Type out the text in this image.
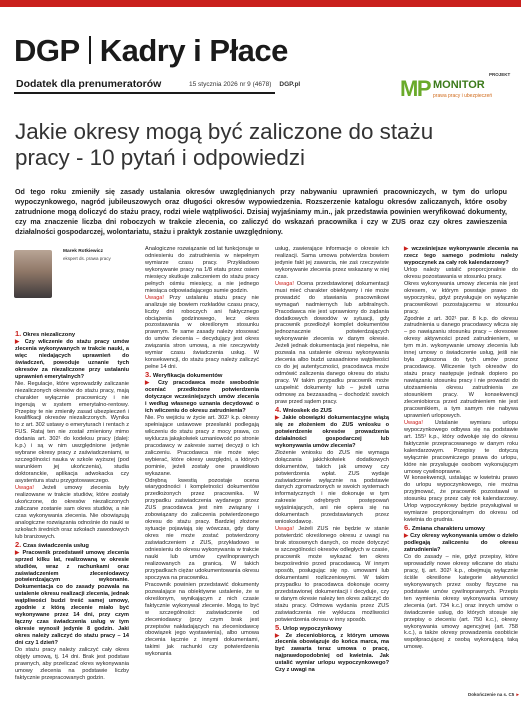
DGP Kadry i Płace
Dodatek dla prenumeratorów	15 stycznia 2026 nr 9 (4678) DGP.pl
PROJEKT
MP MONITOR
prawa pracy i ubezpieczeń
Jakie okresy mogą być zaliczone do stażu pracy - 10 pytań i odpowiedzi

Od tego roku zmieniły się zasady ustalania okresów uwzględnianych przy nabywaniu uprawnień pracowniczych, w tym do urlopu wypoczynkowego, nagród jubileuszowych oraz długości okresów wypowiedzenia. Rozszerzenie katalogu okresów zaliczanych, które osoby zatrudnione mogą doliczyć do stażu pracy, rodzi wiele wątpliwości. Dzisiaj wyjaśniamy m.in., jak przedstawia powinien weryfikować dokumenty, czy ma znaczenie liczba dni roboczych w trakcie zlecenia, co zaliczyć do wskazań pracownika i czy w ZUS oraz czy okres zawieszenia działalności gospodarczej, wolontariatu, stażu i praktyk zostanie uwzględniony.

Marek Rotkiewicz
ekspert ds. prawa pracy
1. Okres niezaliczony

▶ Czy wliczenie do stażu pracy umów zlecenia wykonywanych w trakcie nauki, a więc niedających uprawnień do świadczeń, powoduje uznanie tych okresów za niezaliczone przy ustalaniu uprawnień emerytalnych?

Nie. Regulacje, które wprowadziły zaliczanie niezaliczonych okresów do stażu pracy, mają charakter wyłącznie pracowniczy i nie ingerują w system emerytalno-rentowy. Przepisy te nie zmieniły zasad ubezpieczeń i kwalifikacji okresów niezaliczonych. Wynika to z art. 302 ustawy o emeryturach i rentach z FUS. Rataj ten nie został zmieniony mimo dodania art. 302¹ do kodeksu pracy (dalej: k.p.) i są w nim uwzględnione jedynie wybrane okresy pracy z zaświadczeniami, w szczególności nauka w szkole wyższej (pod warunkiem jej ukończenia), studia doktoranckie, aplikacja adwokacka czy asystentura stażu przygotowawczego.

Uwaga! Jeżeli umowy zlecenia były realizowane w trakcie studiów, które zostały ukończone, do okresów niezaliczonych zaliczane zostanie sam okres studiów, a nie czas wykonywania zlecenia. Nie obowiązują analogiczne rozwiązania odnośnie do nauki w szkołach średnich oraz szkołach zawodowych lub branżowych.

2. Czas świadczenia usług

▶ Pracownik przedstawił umowę zlecenia sprzed kilku lat, realizowaną w okresie studiów, wraz z rachunkami oraz zaświadczeniem zleceniodawcy potwierdzającym wykonanie. Dokumentacja co do zasady pozwala na ustalenie okresu realizacji zlecenia, jednak wątpliwości budzi treść samej umowy, zgodnie z którą zlecenie miało być wykonywane przez 14 dni, przy czym łączny czas świadczenia usług w tym okresie wynosił jedynie 8 godzin. Jaki okres należy zaliczyć do stażu pracy – 14 dni czy 1 dzień?

Do stażu pracy należy zaliczyć cały okres objęty umową, tj. 14 dni. Brak jest podstaw prawnych, aby przeliczać okres wykonywania umowy zlecenia na podstawie liczby faktycznie przepracowanych godzin.

Analogiczne rozwiązanie od lat funkcjonuje w odniesieniu do zatrudnienia w niepełnym wymiarze czasu pracy. Przykładowo wykonywanie pracy na 1/8 etatu przez osiem miesięcy skutkuje zaliczeniem do stażu pracy pełnych ośmiu miesięcy, a nie jednego miesiąca odpowiadającego sumie godzin.

Uwaga! Przy ustalaniu stażu pracy nie analizuje się bowiem rozkładów czasu pracy, liczby dni roboczych ani faktycznego obciążenia godzinowego, lecz okres pozostawania w określonym stosunku prawnym. Te same zasady należy stosować do umów zlecenia – decydujący jest okres związania stron umową, a nie rzeczywisty wymiar czasu świadczenia usług. W konsekwencji, do stażu pracy należy zaliczyć pełne 14 dni.

3. Weryfikacja dokumentów

▶ Czy pracodawca może swobodnie oceniać przedłożone potwierdzenia dotyczące wcześniejszych umów zlecenia i według własnego uznania decydować o ich wliczeniu do okresu zatrudnienia?

Nie. Po wejściu w życie art. 302¹ k.p. okresy spełniające ustawowe przesłanki podlegają wliczeniu do stażu pracy z mocy prawa, co wyklucza jakąkolwiek uznaniowość po stronie pracodawcy w zakresie samej decyzji o ich zaliczeniu. Pracodawca nie może więc wybierać, które okresy uwzględni, a których pominie, jeżeli zostały one prawidłowo wykazane.

Odrębną kwestią pozostaje ocena wiarygodności i kompletności dokumentów przedłożonych przez pracownika. W przypadku zaświadczenia wydanego przez ZUS pracodawca jest nim związany i zobowiązany do zaliczenia potwierdzonego okresu do stażu pracy. Bardziej złożone sytuacje pojawiają się wówczas, gdy dany okres nie może zostać potwierdzony zaświadczeniem z ZUS, przykładowo w odniesieniu do okresu wykonywania w trakcie nauki lub umów cywilnoprawnych realizowanych za granicą. W takich przypadkach ciężar udokumentowania okresu spoczywa na pracowniku.

Pracownik powinien przedstawić dokumenty pozwalające na obiektywne ustalenie, że w określonym, wynikającym z nich czasie faktycznie wykonywał zlecenie. Mogą to być w szczególności: zaświadczenie od zleceniodawcy (przy czym brak jest przepisów nakładających na zleceniodawcę obowiązek jego wystawienia), albo umowa zlecenia łącznie z innymi dokumentami, takimi jak rachunki czy potwierdzenia wykonania

usług, zawierające informacje o okresie ich realizacji. Sama umowa potwierdza bowiem jedynie fakt jej zawarcia, nie zaś rzeczywiste wykonywanie zlecenia przez wskazany w niej czas.

Uwaga! Ocena przedstawionej dokumentacji musi mieć charakter obiektywny i nie może prowadzić do stawiania pracownikowi wymagań nadmiernych lub arbitralnych. Pracodawca nie jest uprawniony do żądania dodatkowych dowodów w sytuacji, gdy pracownik przedłożył komplet dokumentów jednoznacznie potwierdzających wykonywanie zlecenia w danym okresie. Jeżeli jednak dokumentacja jest niepełna, nie pozwala na ustalenie okresu wykonywania zlecenia albo budzi uzasadnione wątpliwości co do jej autentyczności, pracodawca może odmówić zaliczenia danego okresu do stażu pracy. W takim przypadku pracownik może uzupełnić dokumenty lub – jeżeli uzna odmowę za bezzasadną – dochodzić swoich praw przed sądem pracy.

4. Wnioskek do ZUS

▶ Jakie obowiązki dokumentacyjne wiążą się ze złożeniem do ZUS wniosku o potwierdzenie okresów prowadzenia działalności gospodarczej lub wykonywania umów zlecenia?

Złożenie wniosku do ZUS nie wymaga dołączania jakichkolwiek dodatkowych dokumentów, takich jak umowy czy potwierdzenia wpłat. ZUS wydaje zaświadczenie wyłącznie na podstawie danych zgromadzonych w swoich systemach informatycznych i nie dokonuje w tym zakresie odrębnych postępowań wyjaśniających, ani nie opiera się na dokumentach przedstawianych przez wnioskodawcę.

Uwaga! Jeżeli ZUS nie będzie w stanie potwierdzić określonego okresu z uwagi na brak stosownych danych, co może dotyczyć w szczególności okresów odległych w czasie, pracownik może wykazać ten okres bezpośrednio przed pracodawcą. W innym sposób, posługując się np. umowami lub dokumentami rozliczeniowymi. W takim przypadku to pracodawca dokonuje oceny przedstawionej dokumentacji i decyduje, czy w danym okresie należy ten okres zaliczyć do stażu pracy. Odmowa wydania przez ZUS zaświadczenia nie wyklucza możliwości potwierdzenia okresu w inny sposób.

5. Urlop wypoczynkowy

▶ Ze zleceniobiorcą, z którym umowa zlecenia obowiązuje do końca marca, ma być zawarta teraz umowa o pracę, najprawdopodobniej od kwietnia. Jak ustalić wymiar urlopu wypoczynkowego? Czy z uwagi na

▶ wcześniejsze wykonywanie zlecenia na rzecz tego samego podmiotu należy wypoczynek za cały rok kalendarzowy?

Urlop należy ustalić proporcjonalnie do okresu pozostawania w stosunku pracy.

Okres wykonywania umowy zlecenia nie jest okresem, w którym powstaje prawo do wypoczynku, gdyż przysługuje on wyłącznie pracownikowi pozostającemu w stosunku pracy.

Zgodnie z art. 302¹ par. 8 k.p. do okresu zatrudnienia u danego pracodawcy wlicza się – po nawiązaniu stosunku pracy – okresowe okresy aktywności przed zatrudnieniem, w tym m.in. wykonywanie umowy zlecenia lub innej umowy o świadczenie usług, jeśli nie była zgłoszona do tych umów przez pracodawcę. Wliczenie tych okresów do stażu pracy następuje jednak dopiero po nawiązaniu stosunku pracy i nie prowadzi do utożsamienia okresu zatrudnienia ze stosunkiem pracy. W konsekwencji zleceniobiorca przed zatrudnieniem nie jest pracownikiem, a tym samym nie nabywa uprawnień urlopowych.

Uwaga! Ustalanie wymiaru urlopu wypoczynkowego odbywa się na podstawie art. 155¹ k.p., który odwołuje się do okresu faktycznie przepracowanego w danym roku kalendarzowym. Przepisy te dotyczą wyłącznie pracowniczego prawa do urlopu, które nie przysługuje osobom wykonującym umowy cywilnoprawne.

W konsekwencji, ustalając w kwietniu prawo do urlopu wypoczynkowego, nie można przyjmować, że pracownik pozostawał w stosunku pracy przez cały rok kalendarzowy. Urlop wypoczynkowy będzie przysługiwał w wymiarze proporcjonalnym do okresu od kwietnia do grudnia.

6. Zmiana charakteru umowy

▶ Czy okresy wykonywania umów o dzieło podlegają zaliczeniu do okresu zatrudnienia?

Co do zasady – nie, gdyż przepisy, które wprowadziły nowe okresy wliczane do stażu pracy, tj. art. 302¹ k.p., obejmują wyłącznie ściśle określone kategorie aktywności wykonywanych przez osoby fizyczne na podstawie umów cywilnoprawnych. Przepis ten wymienia okresy wykonywania umowy zlecenia (art. 734 k.c.) oraz innych umów o świadczenie usług, do których stosuje się przepisy o zleceniu (art. 750 k.c.), okresy wykonywania umowy agencyjnej (art. 758 k.c.), a także okresy prowadzenia osobiście współpracującej z osobą wykonującą taką umowę.

Dokończenie na s. C5 ►
